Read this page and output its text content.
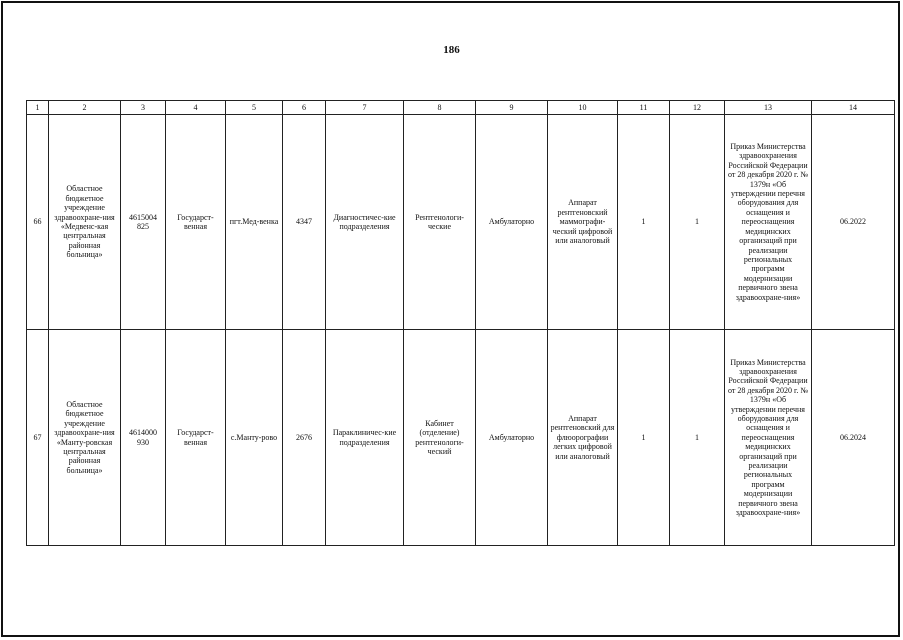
186
1	2	3	4	5	6	7	8	9	10	11	12	13	14
66	Областное бюджетное учреждение здравоохране-ния «Медвенс-кая центральная районная больница»	4615004 825	Государст-венная	пгт.Мед-венка	4347	Диагностичес-кие подразделения	Рентгенологи-ческие	Амбулаторно	Аппарат рентгеновский маммографи-ческий цифровой или аналоговый	1	1	Приказ Министерства здравоохранения Российской Федерации от 28 декабря 2020 г. № 1379н «Об утверждении перечня оборудования для оснащения и переоснащения медицинских организаций при реализации региональных программ модернизации первичного звена здравоохране-ния»	06.2022
67	Областное бюджетное учреждение здравоохране-ния «Манту-ровская центральная районная больница»	4614000 930	Государст-венная	с.Манту-рово	2676	Параклиничес-кие подразделения	Кабинет (отделение) рентгенологи-ческий	Амбулаторно	Аппарат рентгеновский для флюорографии легких цифровой или аналоговый	1	1	Приказ Министерства здравоохранения Российской Федерации от 28 декабря 2020 г. № 1379н «Об утверждении перечня оборудования для оснащения и переоснащения медицинских организаций при реализации региональных программ модернизации первичного звена здравоохране-ния»	06.2024
